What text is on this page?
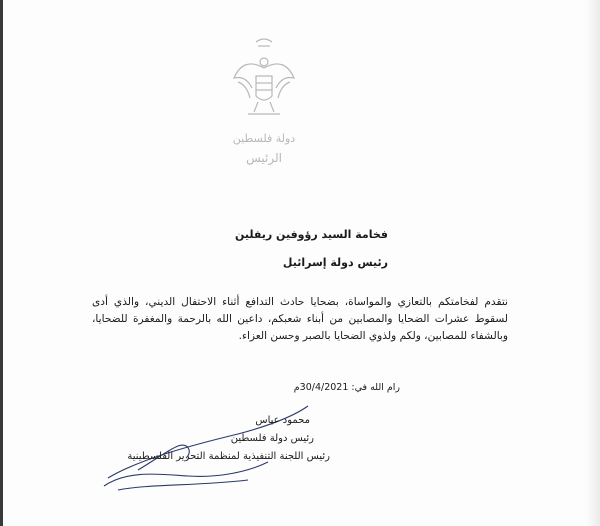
دولة فلسطين
الرئيس
فخامة السيد رؤوفين ريفلين
رئيس دولة إسرائيل
نتقدم لفخامتكم بالتعازي والمواساة، بضحايا حادث التدافع أثناء الاحتفال الديني، والذي أدى لسقوط عشرات الضحايا والمصابين من أبناء شعبكم، داعين الله بالرحمة والمغفرة للضحايا، وبالشفاء للمصابين، ولكم ولذوي الضحايا بالصبر وحسن العزاء.
رام الله في: 30/4/2021م
محمود عباس
رئيس دولة فلسطين
رئيس اللجنة التنفيذية لمنظمة التحرير الفلسطينية
